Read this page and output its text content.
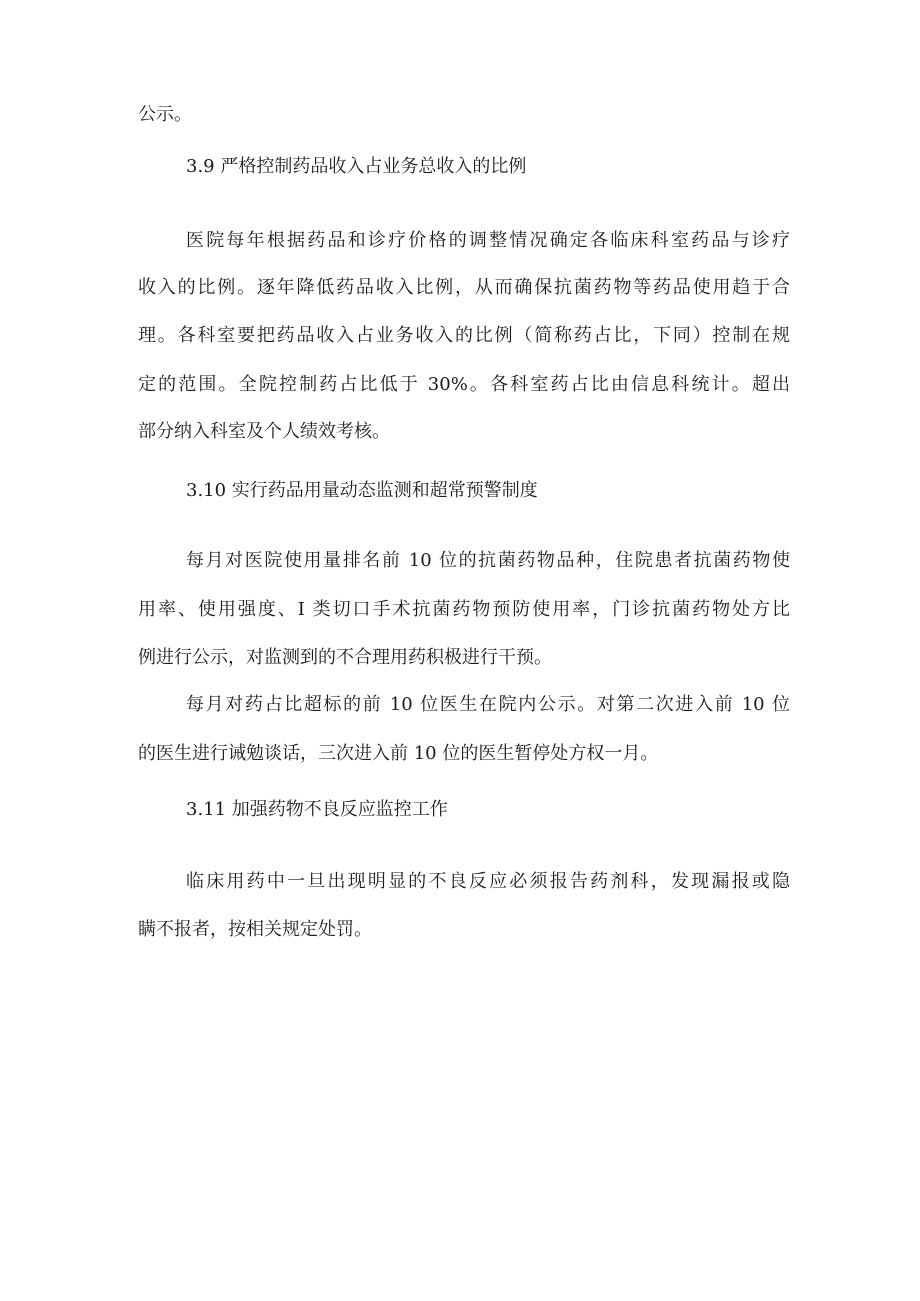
公示。
3.9 严格控制药品收入占业务总收入的比例
医院每年根据药品和诊疗价格的调整情况确定各临床科室药品与诊疗
收入的比例。逐年降低药品收入比例，从而确保抗菌药物等药品使用趋于合
理。各科室要把药品收入占业务收入的比例（简称药占比，下同）控制在规
定的范围。全院控制药占比低于 30%。各科室药占比由信息科统计。超出
部分纳入科室及个人绩效考核。
3.10 实行药品用量动态监测和超常预警制度
每月对医院使用量排名前 10 位的抗菌药物品种，住院患者抗菌药物使
用率、使用强度、I 类切口手术抗菌药物预防使用率，门诊抗菌药物处方比
例进行公示，对监测到的不合理用药积极进行干预。
每月对药占比超标的前 10 位医生在院内公示。对第二次进入前 10 位
的医生进行诫勉谈话，三次进入前 10 位的医生暂停处方权一月。
3.11 加强药物不良反应监控工作
临床用药中一旦出现明显的不良反应必须报告药剂科，发现漏报或隐
瞒不报者，按相关规定处罚。
